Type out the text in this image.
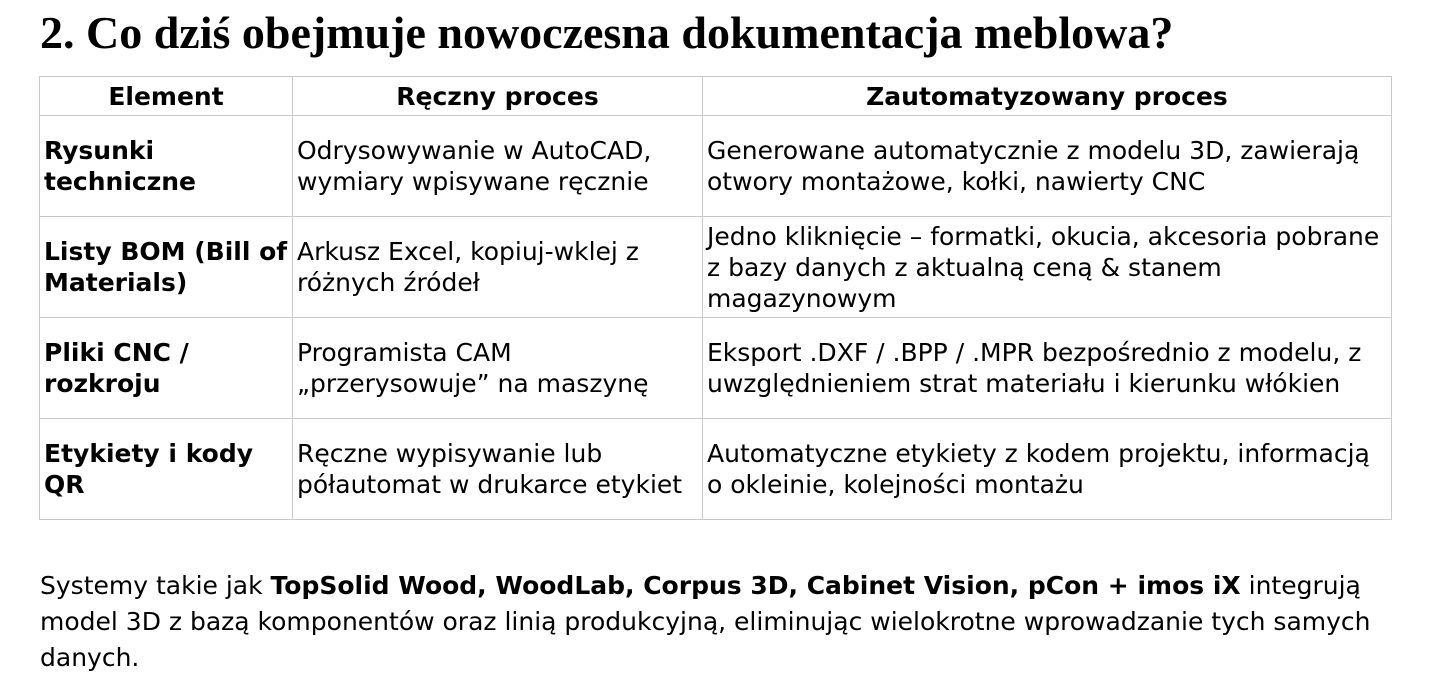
2. Co dziś obejmuje nowoczesna dokumentacja meblowa?
Element	Ręczny proces	Zautomatyzowany proces
Rysunki techniczne	Odrysowywanie w AutoCAD, wymiary wpisywane ręcznie	Generowane automatycznie z modelu 3D, zawierają otwory montażowe, kołki, nawierty CNC
Listy BOM (Bill of Materials)	Arkusz Excel, kopiuj-wklej z różnych źródeł	Jedno kliknięcie – formatki, okucia, akcesoria pobrane z bazy danych z aktualną ceną & stanem magazynowym
Pliki CNC / rozkroju	Programista CAM „przerysowuje” na maszynę	Eksport .DXF / .BPP / .MPR bezpośrednio z modelu, z uwzględnieniem strat materiału i kierunku włókien
Etykiety i kody QR	Ręczne wypisywanie lub półautomat w drukarce etykiet	Automatyczne etykiety z kodem projektu, informacją o okleinie, kolejności montażu

Systemy takie jak TopSolid Wood, WoodLab, Corpus 3D, Cabinet Vision, pCon + imos iX integrują model 3D z bazą komponentów oraz linią produkcyjną, eliminując wielokrotne wprowadzanie tych samych danych.
